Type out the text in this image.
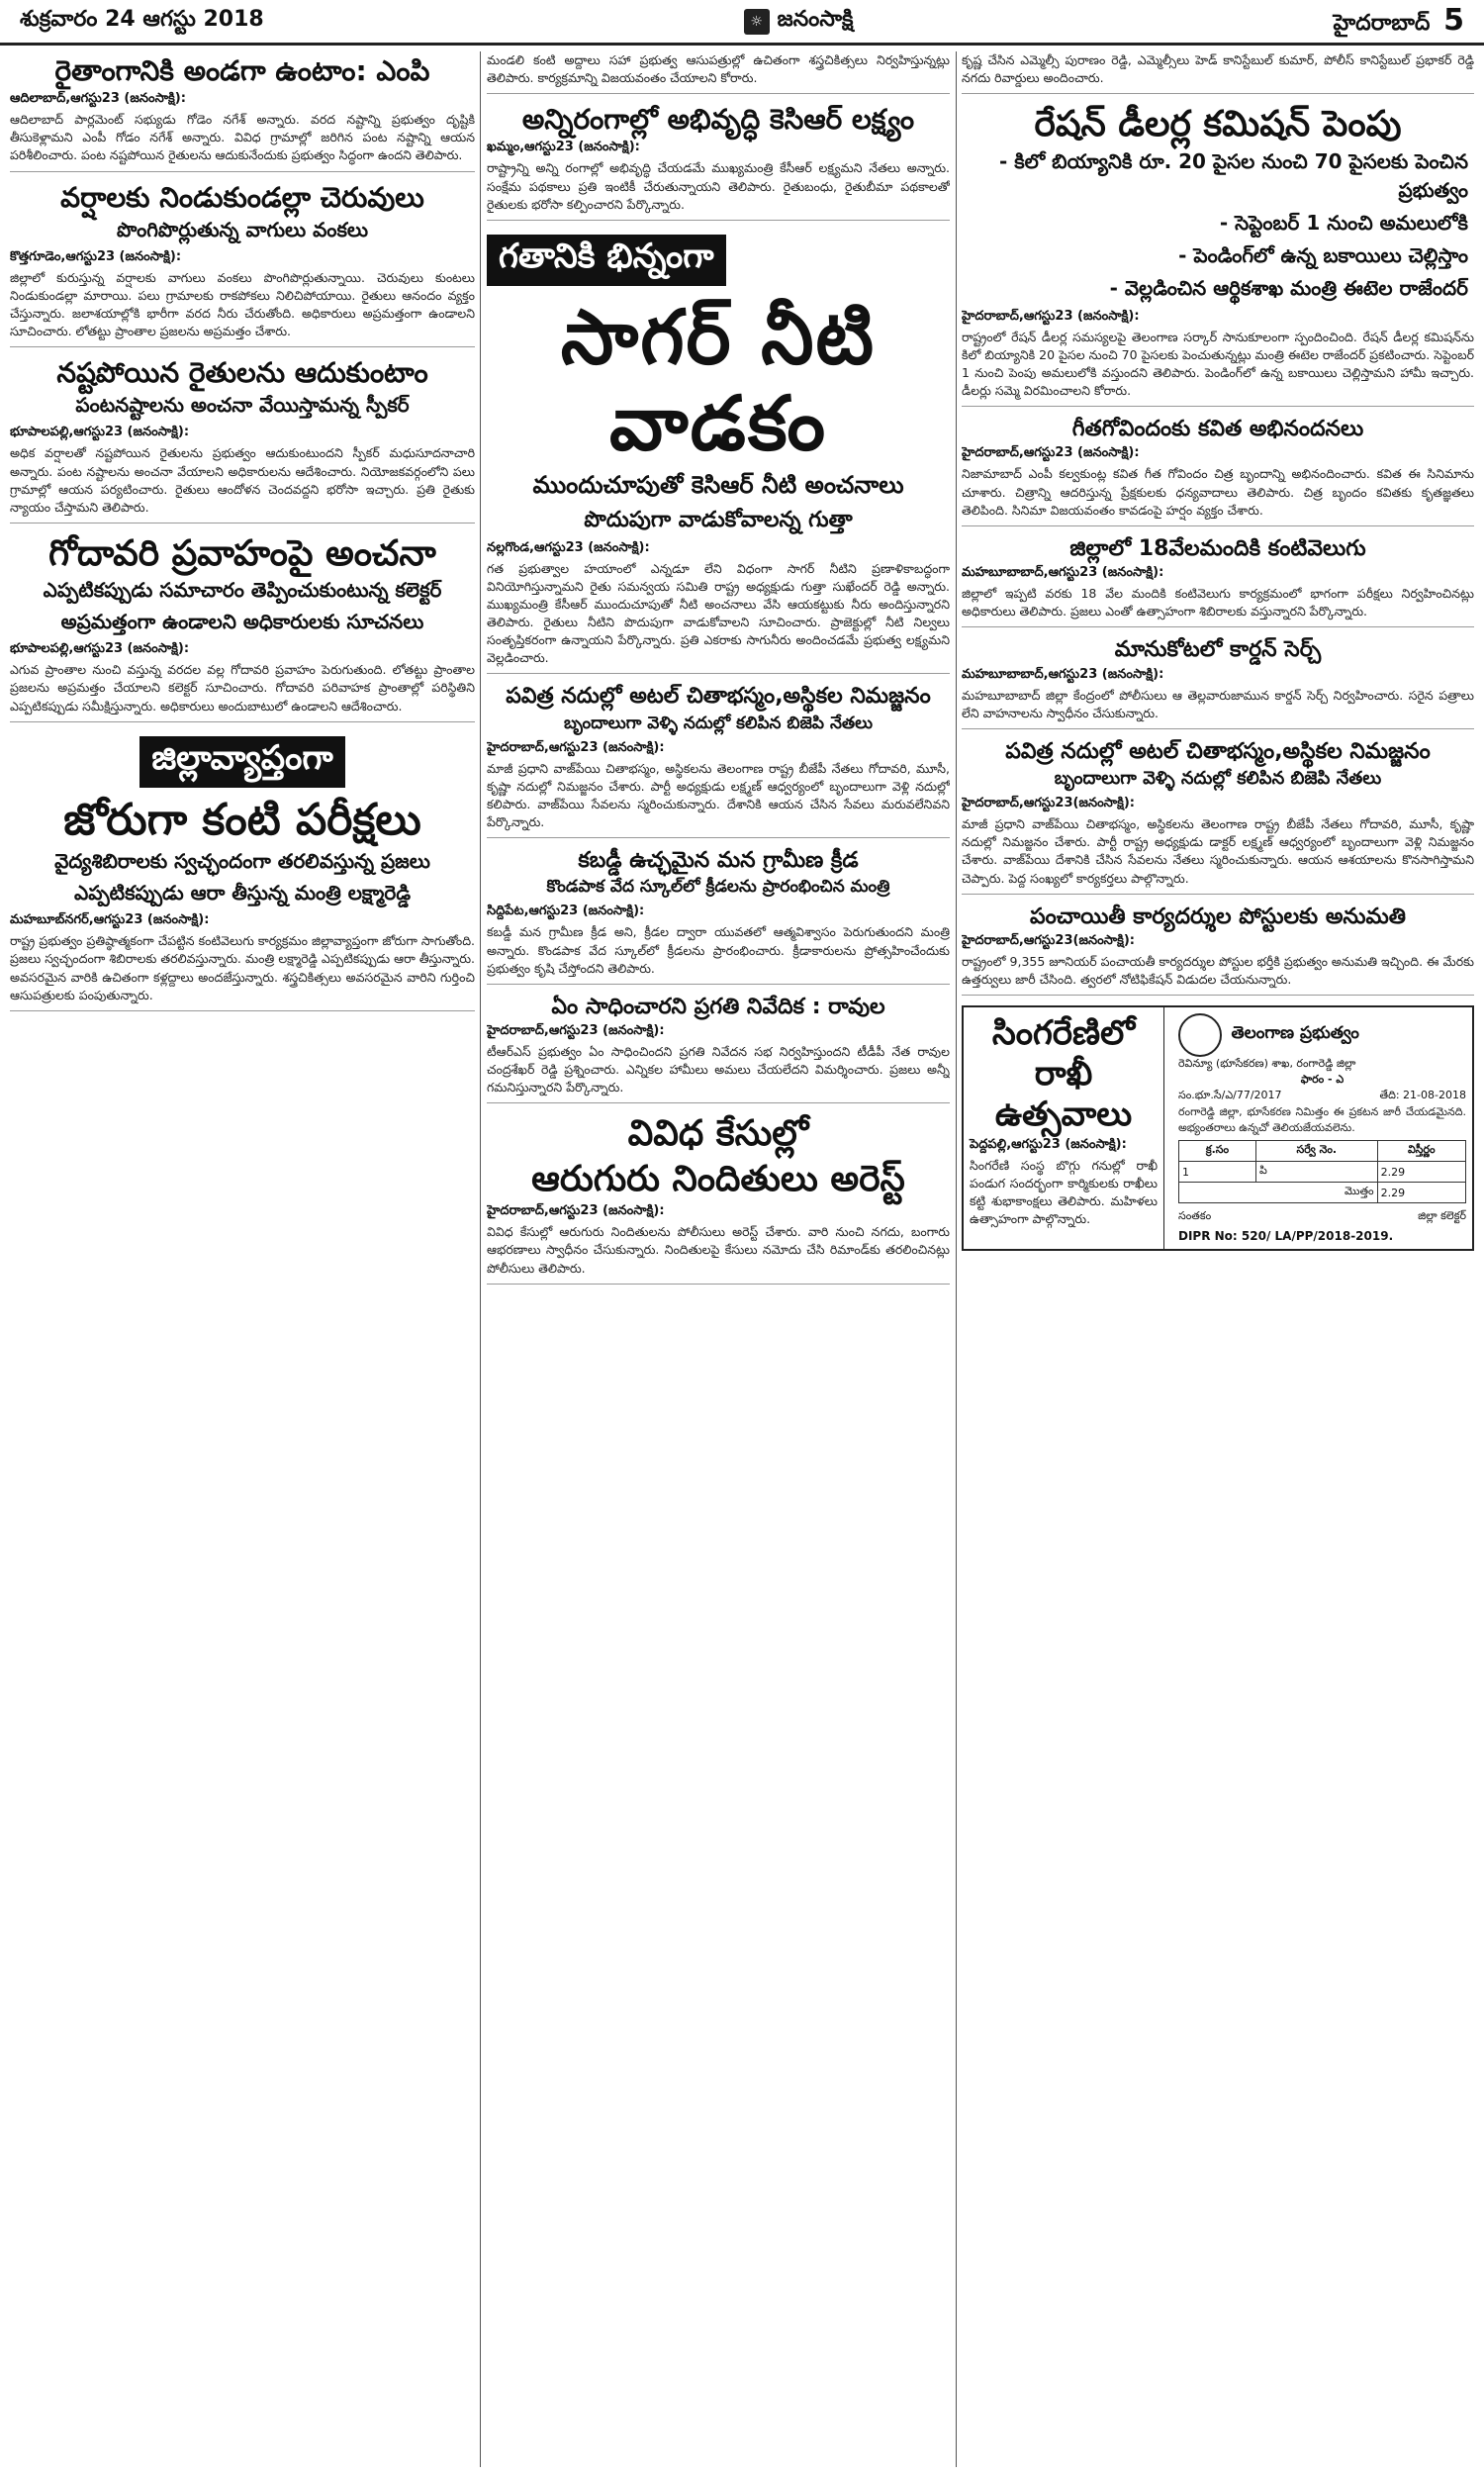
శుక్రవారం 24 ఆగస్టు 2018	☼ జనంసాక్షి	హైదరాబాద్ 5
రైతాంగానికి అండగా ఉంటాం: ఎంపి
ఆదిలాబాద్,ఆగస్టు23 (జనంసాక్షి):

ఆదిలాబాద్ పార్లమెంట్ సభ్యుడు గోడెం నగేశ్ అన్నారు. వరద నష్టాన్ని ప్రభుత్వం దృష్టికి తీసుకెళ్లామని ఎంపీ గోడం నగేశ్ అన్నారు. వివిధ గ్రామాల్లో జరిగిన పంట నష్టాన్ని ఆయన పరిశీలించారు. పంట నష్టపోయిన రైతులను ఆదుకునేందుకు ప్రభుత్వం సిద్ధంగా ఉందని తెలిపారు.

వర్షాలకు నిండుకుండల్లా చెరువులు
పొంగిపొర్లుతున్న వాగులు వంకలు
కొత్తగూడెం,ఆగస్టు23 (జనంసాక్షి):

జిల్లాలో కురుస్తున్న వర్షాలకు వాగులు వంకలు పొంగిపొర్లుతున్నాయి. చెరువులు కుంటలు నిండుకుండల్లా మారాయి. పలు గ్రామాలకు రాకపోకలు నిలిచిపోయాయి. రైతులు ఆనందం వ్యక్తం చేస్తున్నారు. జలాశయాల్లోకి భారీగా వరద నీరు చేరుతోంది. అధికారులు అప్రమత్తంగా ఉండాలని సూచించారు. లోతట్టు ప్రాంతాల ప్రజలను అప్రమత్తం చేశారు.

నష్టపోయిన రైతులను ఆదుకుంటాం
పంటనష్టాలను అంచనా వేయిస్తామన్న స్పీకర్
భూపాలపల్లి,ఆగస్టు23 (జనంసాక్షి):

అధిక వర్షాలతో నష్టపోయిన రైతులను ప్రభుత్వం ఆదుకుంటుందని స్పీకర్ మధుసూదనాచారి అన్నారు. పంట నష్టాలను అంచనా వేయాలని అధికారులను ఆదేశించారు. నియోజకవర్గంలోని పలు గ్రామాల్లో ఆయన పర్యటించారు. రైతులు ఆందోళన చెందవద్దని భరోసా ఇచ్చారు. ప్రతి రైతుకు న్యాయం చేస్తామని తెలిపారు.

గోదావరి ప్రవాహంపై అంచనా
ఎప్పటికప్పుడు సమాచారం తెప్పించుకుంటున్న కలెక్టర్
అప్రమత్తంగా ఉండాలని అధికారులకు సూచనలు
భూపాలపల్లి,ఆగస్టు23 (జనంసాక్షి):

ఎగువ ప్రాంతాల నుంచి వస్తున్న వరదల వల్ల గోదావరి ప్రవాహం పెరుగుతుంది. లోతట్టు ప్రాంతాల ప్రజలను అప్రమత్తం చేయాలని కలెక్టర్ సూచించారు. గోదావరి పరివాహక ప్రాంతాల్లో పరిస్థితిని ఎప్పటికప్పుడు సమీక్షిస్తున్నారు. అధికారులు అందుబాటులో ఉండాలని ఆదేశించారు.

జిల్లావ్యాప్తంగా
జోరుగా కంటి పరీక్షలు
వైద్యశిబిరాలకు స్వచ్ఛందంగా తరలివస్తున్న ప్రజలు
ఎప్పటికప్పుడు ఆరా తీస్తున్న మంత్రి లక్ష్మారెడ్డి
మహబూబ్‌నగర్,ఆగస్టు23 (జనంసాక్షి):

రాష్ట్ర ప్రభుత్వం ప్రతిష్ఠాత్మకంగా చేపట్టిన కంటివెలుగు కార్యక్రమం జిల్లావ్యాప్తంగా జోరుగా సాగుతోంది. ప్రజలు స్వచ్ఛందంగా శిబిరాలకు తరలివస్తున్నారు. మంత్రి లక్ష్మారెడ్డి ఎప్పటికప్పుడు ఆరా తీస్తున్నారు. అవసరమైన వారికి ఉచితంగా కళ్లద్దాలు అందజేస్తున్నారు. శస్త్రచికిత్సలు అవసరమైన వారిని గుర్తించి ఆసుపత్రులకు పంపుతున్నారు.

మండలి కంటి అద్దాలు సహా ప్రభుత్వ ఆసుపత్రుల్లో ఉచితంగా శస్త్రచికిత్సలు నిర్వహిస్తున్నట్లు తెలిపారు. కార్యక్రమాన్ని విజయవంతం చేయాలని కోరారు.

అన్నిరంగాల్లో అభివృద్ధి కెసిఆర్ లక్ష్యం
ఖమ్మం,ఆగస్టు23 (జనంసాక్షి):

రాష్ట్రాన్ని అన్ని రంగాల్లో అభివృద్ధి చేయడమే ముఖ్యమంత్రి కేసీఆర్ లక్ష్యమని నేతలు అన్నారు. సంక్షేమ పథకాలు ప్రతి ఇంటికీ చేరుతున్నాయని తెలిపారు. రైతుబంధు, రైతుబీమా పథకాలతో రైతులకు భరోసా కల్పించారని పేర్కొన్నారు.

గతానికి భిన్నంగా
సాగర్ నీటి వాడకం
ముందుచూపుతో కెసిఆర్ నీటి అంచనాలు
పొదుపుగా వాడుకోవాలన్న గుత్తా
నల్లగొండ,ఆగస్టు23 (జనంసాక్షి):

గత ప్రభుత్వాల హయాంలో ఎన్నడూ లేని విధంగా సాగర్ నీటిని ప్రణాళికాబద్ధంగా వినియోగిస్తున్నామని రైతు సమన్వయ సమితి రాష్ట్ర అధ్యక్షుడు గుత్తా సుఖేందర్ రెడ్డి అన్నారు. ముఖ్యమంత్రి కేసీఆర్ ముందుచూపుతో నీటి అంచనాలు వేసి ఆయకట్టుకు నీరు అందిస్తున్నారని తెలిపారు. రైతులు నీటిని పొదుపుగా వాడుకోవాలని సూచించారు. ప్రాజెక్టుల్లో నీటి నిల్వలు సంతృప్తికరంగా ఉన్నాయని పేర్కొన్నారు. ప్రతి ఎకరాకు సాగునీరు అందించడమే ప్రభుత్వ లక్ష్యమని వెల్లడించారు.

పవిత్ర నదుల్లో అటల్ చితాభస్మం,అస్థికల నిమజ్జనం
బృందాలుగా వెళ్ళి నదుల్లో కలిపిన బిజెపి నేతలు
హైదరాబాద్,ఆగస్టు23 (జనంసాక్షి):

మాజీ ప్రధాని వాజ్‌పేయి చితాభస్మం, అస్థికలను తెలంగాణ రాష్ట్ర బీజేపీ నేతలు గోదావరి, మూసీ, కృష్ణా నదుల్లో నిమజ్జనం చేశారు. పార్టీ అధ్యక్షుడు లక్ష్మణ్ ఆధ్వర్యంలో బృందాలుగా వెళ్లి నదుల్లో కలిపారు. వాజ్‌పేయి సేవలను స్మరించుకున్నారు. దేశానికి ఆయన చేసిన సేవలు మరువలేనివని పేర్కొన్నారు.

కబడ్డీ ఉచ్ఛమైన మన గ్రామీణ క్రీడ
కొండపాక వేద స్కూల్‌లో క్రీడలను ప్రారంభించిన మంత్రి
సిద్దిపేట,ఆగస్టు23 (జనంసాక్షి):

కబడ్డీ మన గ్రామీణ క్రీడ అని, క్రీడల ద్వారా యువతలో ఆత్మవిశ్వాసం పెరుగుతుందని మంత్రి అన్నారు. కొండపాక వేద స్కూల్‌లో క్రీడలను ప్రారంభించారు. క్రీడాకారులను ప్రోత్సహించేందుకు ప్రభుత్వం కృషి చేస్తోందని తెలిపారు.

ఏం సాధించారని ప్రగతి నివేదిక : రావుల
హైదరాబాద్,ఆగస్టు23 (జనంసాక్షి):

టీఆర్ఎస్ ప్రభుత్వం ఏం సాధించిందని ప్రగతి నివేదన సభ నిర్వహిస్తుందని టీడీపీ నేత రావుల చంద్రశేఖర్ రెడ్డి ప్రశ్నించారు. ఎన్నికల హామీలు అమలు చేయలేదని విమర్శించారు. ప్రజలు అన్నీ గమనిస్తున్నారని పేర్కొన్నారు.

వివిధ కేసుల్లో
ఆరుగురు నిందితులు అరెస్ట్
హైదరాబాద్,ఆగస్టు23 (జనంసాక్షి):

వివిధ కేసుల్లో ఆరుగురు నిందితులను పోలీసులు అరెస్ట్ చేశారు. వారి నుంచి నగదు, బంగారు ఆభరణాలు స్వాధీనం చేసుకున్నారు. నిందితులపై కేసులు నమోదు చేసి రిమాండ్‌కు తరలించినట్లు పోలీసులు తెలిపారు.

కృష్ణ చేసిన ఎమ్మెల్సీ పురాణం రెడ్డి, ఎమ్మెల్సీలు హెడ్ కానిస్టేబుల్ కుమార్, పోలీస్ కానిస్టేబుల్ ప్రభాకర్ రెడ్డి నగదు రివార్డులు అందించారు.

రేషన్ డీలర్ల కమిషన్ పెంపు
- కిలో బియ్యానికి రూ. 20 పైసల నుంచి 70 పైసలకు పెంచిన ప్రభుత్వం
- సెప్టెంబర్ 1 నుంచి అమలులోకి
- పెండింగ్‌లో ఉన్న బకాయిలు చెల్లిస్తాం
- వెల్లడించిన ఆర్థికశాఖ మంత్రి ఈటెల రాజేందర్
హైదరాబాద్,ఆగస్టు23 (జనంసాక్షి):

రాష్ట్రంలో రేషన్ డీలర్ల సమస్యలపై తెలంగాణ సర్కార్ సానుకూలంగా స్పందించింది. రేషన్ డీలర్ల కమిషన్‌ను కిలో బియ్యానికి 20 పైసల నుంచి 70 పైసలకు పెంచుతున్నట్లు మంత్రి ఈటెల రాజేందర్ ప్రకటించారు. సెప్టెంబర్ 1 నుంచి పెంపు అమలులోకి వస్తుందని తెలిపారు. పెండింగ్‌లో ఉన్న బకాయిలు చెల్లిస్తామని హామీ ఇచ్చారు. డీలర్లు సమ్మె విరమించాలని కోరారు.

గీతగోవిందంకు కవిత అభినందనలు
హైదరాబాద్,ఆగస్టు23 (జనంసాక్షి):

నిజామాబాద్ ఎంపీ కల్వకుంట్ల కవిత గీత గోవిందం చిత్ర బృందాన్ని అభినందించారు. కవిత ఈ సినిమాను చూశారు. చిత్రాన్ని ఆదరిస్తున్న ప్రేక్షకులకు ధన్యవాదాలు తెలిపారు. చిత్ర బృందం కవితకు కృతజ్ఞతలు తెలిపింది. సినిమా విజయవంతం కావడంపై హర్షం వ్యక్తం చేశారు.

జిల్లాలో 18వేలమందికి కంటివెలుగు
మహబూబాబాద్,ఆగస్టు23 (జనంసాక్షి):

జిల్లాలో ఇప్పటి వరకు 18 వేల మందికి కంటివెలుగు కార్యక్రమంలో భాగంగా పరీక్షలు నిర్వహించినట్లు అధికారులు తెలిపారు. ప్రజలు ఎంతో ఉత్సాహంగా శిబిరాలకు వస్తున్నారని పేర్కొన్నారు.

మానుకోటలో కార్డన్ సెర్చ్
మహబూబాబాద్,ఆగస్టు23 (జనంసాక్షి):

మహబూబాబాద్ జిల్లా కేంద్రంలో పోలీసులు ఆ తెల్లవారుజామున కార్డన్ సెర్చ్ నిర్వహించారు. సరైన పత్రాలు లేని వాహనాలను స్వాధీనం చేసుకున్నారు.

పవిత్ర నదుల్లో అటల్ చితాభస్మం,అస్థికల నిమజ్జనం
బృందాలుగా వెళ్ళి నదుల్లో కలిపిన బిజెపి నేతలు
హైదరాబాద్,ఆగస్టు23(జనంసాక్షి):

మాజీ ప్రధాని వాజ్‌పేయి చితాభస్మం, అస్థికలను తెలంగాణ రాష్ట్ర బీజేపీ నేతలు గోదావరి, మూసీ, కృష్ణా నదుల్లో నిమజ్జనం చేశారు. పార్టీ రాష్ట్ర అధ్యక్షుడు డాక్టర్ లక్ష్మణ్ ఆధ్వర్యంలో బృందాలుగా వెళ్లి నిమజ్జనం చేశారు. వాజ్‌పేయి దేశానికి చేసిన సేవలను నేతలు స్మరించుకున్నారు. ఆయన ఆశయాలను కొనసాగిస్తామని చెప్పారు. పెద్ద సంఖ్యలో కార్యకర్తలు పాల్గొన్నారు.

పంచాయితీ కార్యదర్శుల పోస్టులకు అనుమతి
హైదరాబాద్,ఆగస్టు23(జనంసాక్షి):

రాష్ట్రంలో 9,355 జూనియర్ పంచాయతీ కార్యదర్శుల పోస్టుల భర్తీకి ప్రభుత్వం అనుమతి ఇచ్చింది. ఈ మేరకు ఉత్తర్వులు జారీ చేసింది. త్వరలో నోటిఫికేషన్ విడుదల చేయనున్నారు.

సింగరేణిలో రాఖీ ఉత్సవాలు
పెద్దపల్లి,ఆగస్టు23 (జనంసాక్షి):

సింగరేణి సంస్థ బొగ్గు గనుల్లో రాఖీ పండుగ సందర్భంగా కార్మికులకు రాఖీలు కట్టి శుభాకాంక్షలు తెలిపారు. మహిళలు ఉత్సాహంగా పాల్గొన్నారు.

తెలంగాణ ప్రభుత్వం
రెవిన్యూ (భూసేకరణ) శాఖ, రంగారెడ్డి జిల్లా
ఫారం - ఎ
సం.భూ.సే/ఎ/77/2017	తేది: 21-08-2018

రంగారెడ్డి జిల్లా, భూసేకరణ నిమిత్తం ఈ ప్రకటన జారీ చేయడమైనది. అభ్యంతరాలు ఉన్నచో తెలియజేయవలెను.

క్ర.సం	సర్వే నెం.	విస్తీర్ణం
1	పి	2.29
మొత్తం		2.29
సంతకం	జిల్లా కలెక్టర్
DIPR No: 520/ LA/PP/2018-2019.
